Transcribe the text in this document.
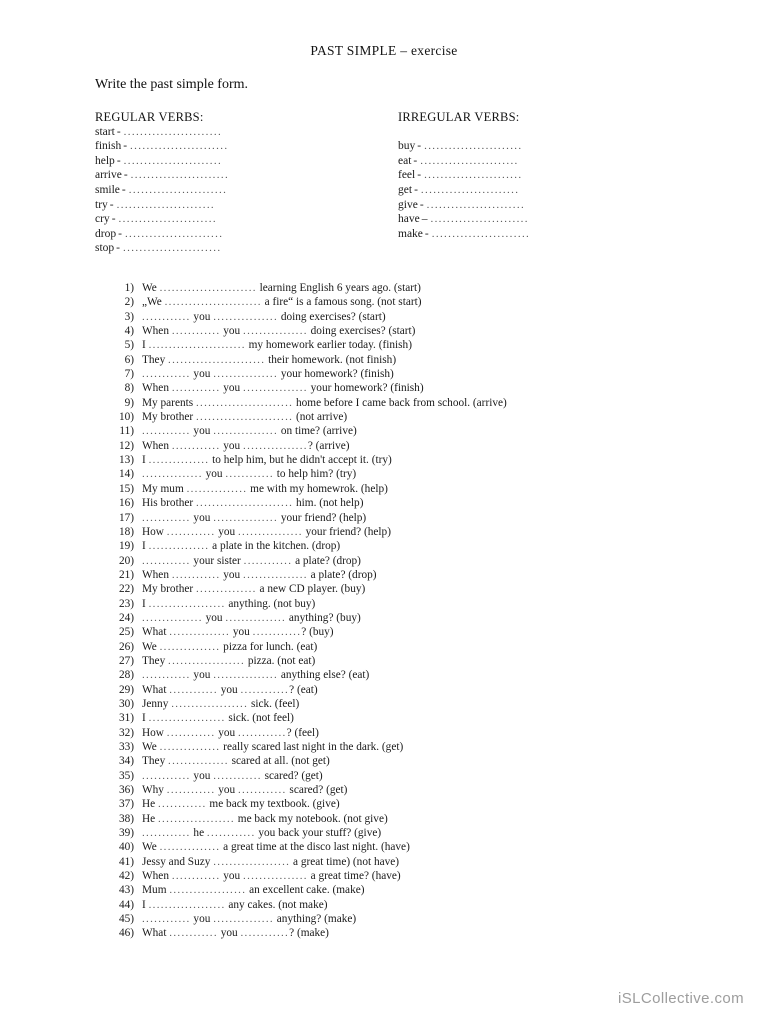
PAST SIMPLE – exercise
Write the past simple form.
REGULAR VERBS:
start - ........................
finish - ........................
help - ........................
arrive - ........................
smile - ........................
try - ........................
cry - ........................
drop - ........................
stop - ........................
IRREGULAR VERBS:
buy - ........................
eat - ........................
feel - ........................
get - ........................
give - ........................
have – ........................
make - ........................
1) We ........................ learning English 6 years ago. (start)
2) „We ........................ a fire“ is a famous song. (not start)
3) ............ you ................ doing exercises? (start)
4) When ............ you ................ doing exercises? (start)
5) I ........................ my homework earlier today. (finish)
6) They ........................ their homework. (not finish)
7) ............ you ................ your homework? (finish)
8) When ............ you ................ your homework? (finish)
9) My parents ........................ home before I came back from school. (arrive)
10) My brother ........................ (not arrive)
11) ............ you ................ on time? (arrive)
12) When ............ you ................? (arrive)
13) I ............... to help him, but he didn't accept it. (try)
14) ............... you ............ to help him? (try)
15) My mum ............... me with my homewrok. (help)
16) His brother ........................ him. (not help)
17) ............ you ................ your friend? (help)
18) How ............ you ................ your friend? (help)
19) I ............... a plate in the kitchen. (drop)
20) ............ your sister ............ a plate? (drop)
21) When ............ you ................ a plate? (drop)
22) My brother ............... a new CD player. (buy)
23) I ................... anything. (not buy)
24) ............... you ............... anything? (buy)
25) What ............... you ............? (buy)
26) We ............... pizza for lunch. (eat)
27) They ................... pizza. (not eat)
28) ............ you ................ anything else? (eat)
29) What ............ you ............? (eat)
30) Jenny ................... sick. (feel)
31) I ................... sick. (not feel)
32) How ............ you ............? (feel)
33) We ............... really scared last night in the dark. (get)
34) They ............... scared at all. (not get)
35) ............ you ............ scared? (get)
36) Why ............ you ............ scared? (get)
37) He ............ me back my textbook. (give)
38) He ................... me back my notebook. (not give)
39) ............ he ............ you back your stuff? (give)
40) We ............... a great time at the disco last night. (have)
41) Jessy and Suzy ................... a great time) (not have)
42) When ............ you ................ a great time? (have)
43) Mum ................... an excellent cake. (make)
44) I ................... any cakes. (not make)
45) ............ you ............... anything? (make)
46) What ............ you ............? (make)
iSLCollective.com
